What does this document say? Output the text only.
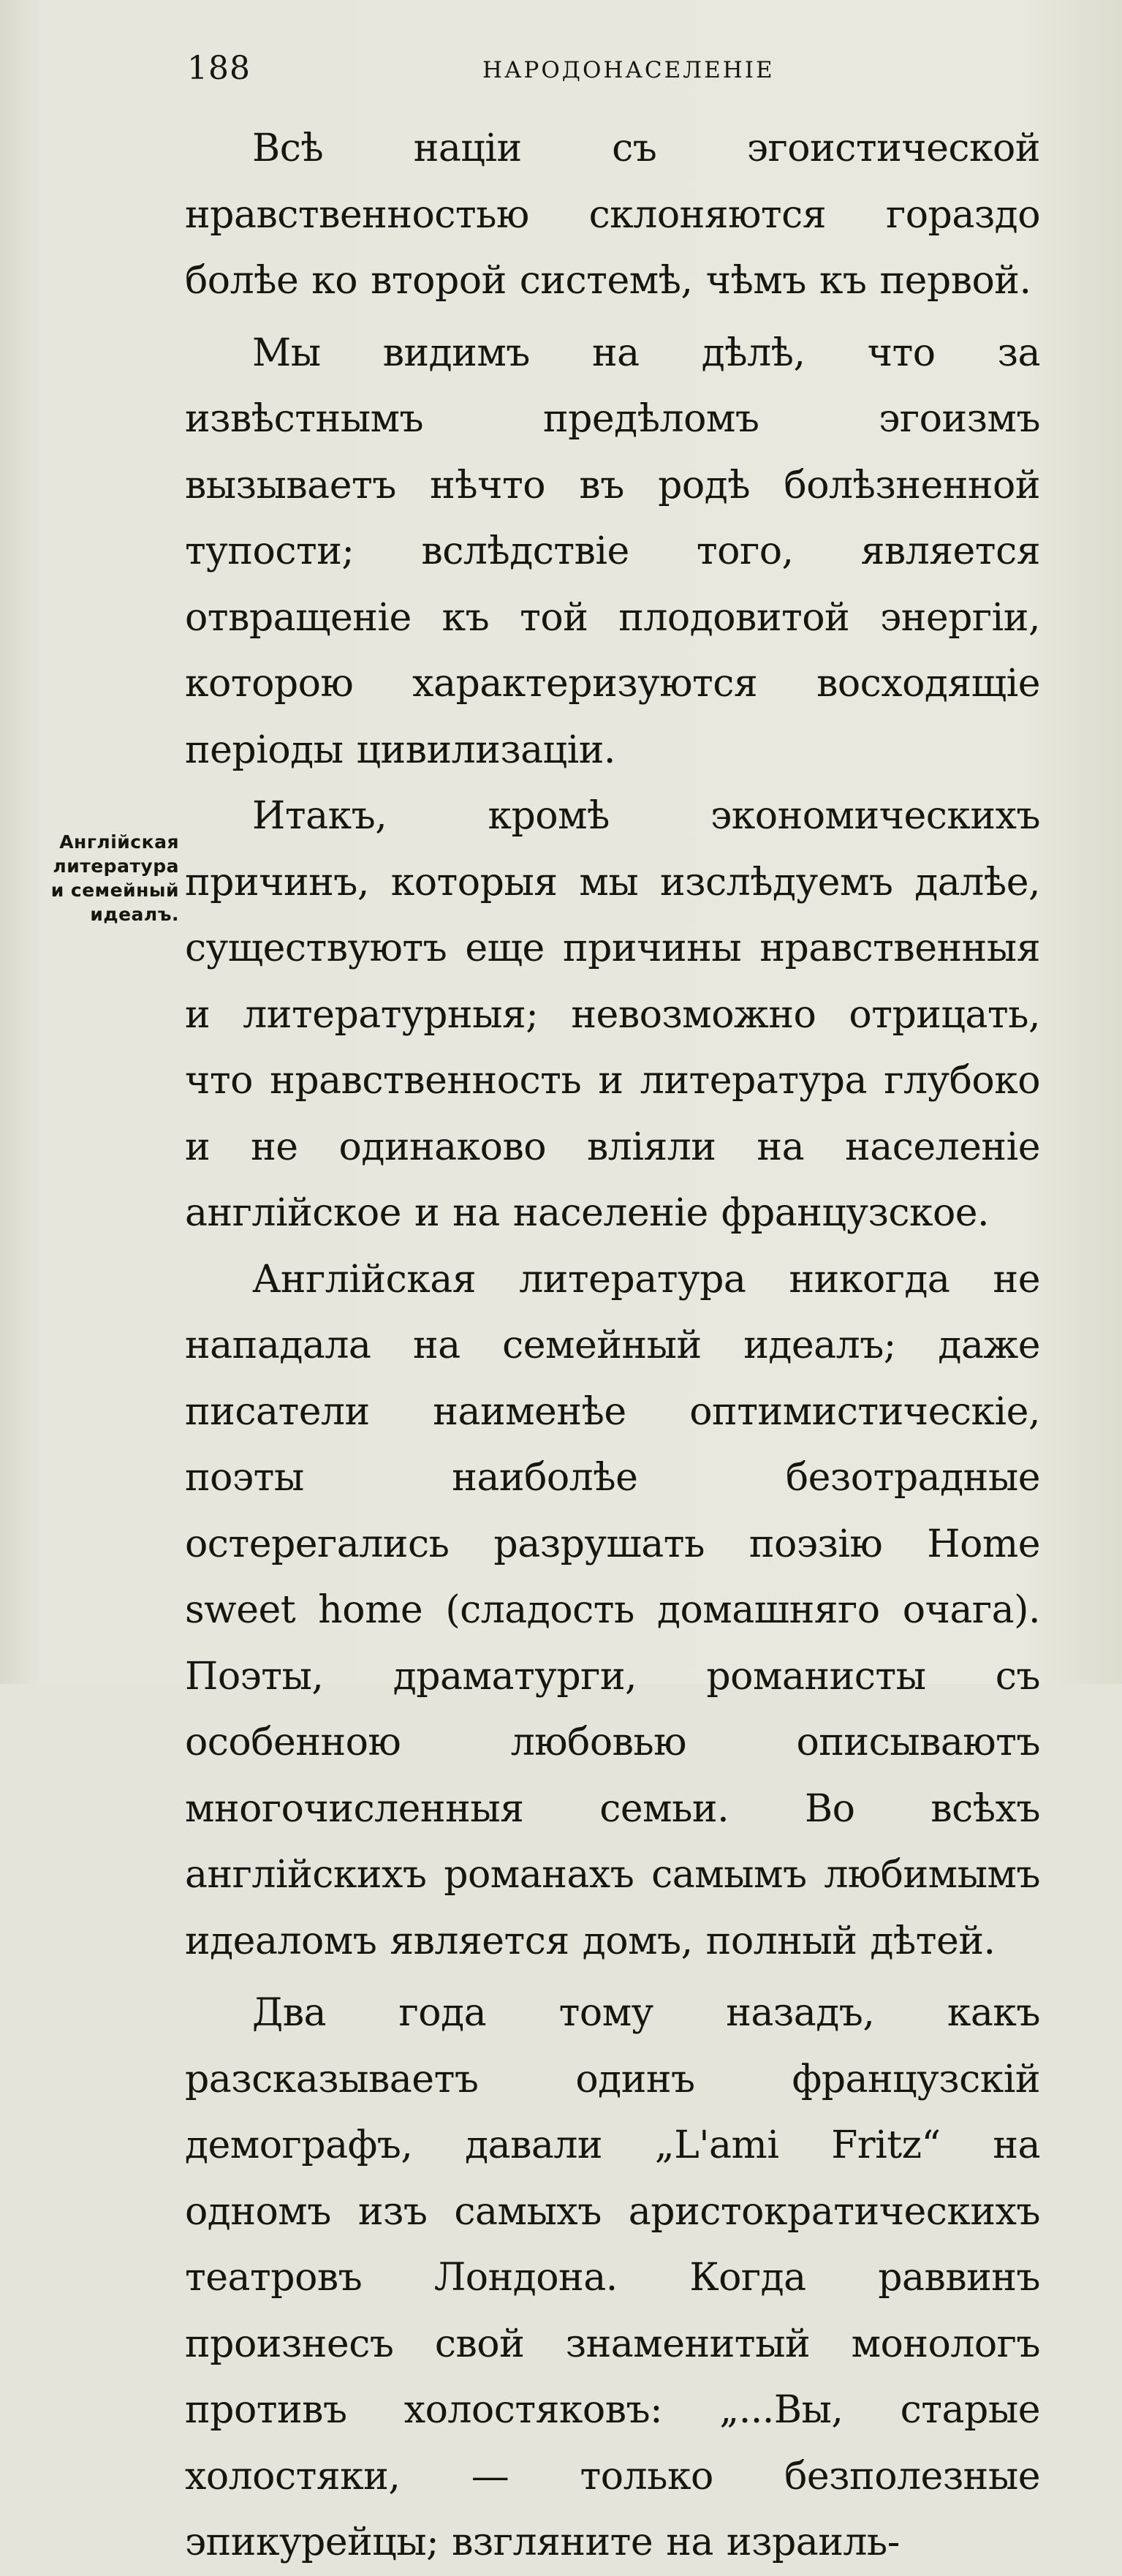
188	НАРОДОНАСЕЛЕНІЕ

Англійская
литература
и семейный
идеалъ.

Всѣ націи съ эгоистической нравственностью склоняются гораздо болѣе ко второй системѣ, чѣмъ къ первой.

Мы видимъ на дѣлѣ, что за извѣстнымъ предѣломъ эгоизмъ вызываетъ нѣчто въ родѣ болѣзненной тупости; вслѣдствіе того, является отвращеніе къ той плодовитой энергіи, которою характеризуются восходящіе періоды цивилизаціи.

Итакъ, кромѣ экономическихъ причинъ, которыя мы изслѣдуемъ далѣе, существуютъ еще причины нравственныя и литературныя; невозможно отрицать, что нравственность и литература глубоко и не одинаково вліяли на населеніе англійское и на населеніе французское.

Англійская литература никогда не нападала на семейный идеалъ; даже писатели наименѣе оптимистическіе, поэты наиболѣе безотрадные остерегались разрушать поэзію Home sweet home (сладость домашняго очага). Поэты, драматурги, романисты съ особенною любовью описываютъ многочисленныя семьи. Во всѣхъ англійскихъ романахъ самымъ любимымъ идеаломъ является домъ, полный дѣтей.

Два года тому назадъ, какъ разсказываетъ одинъ французскій демографъ, давали „L'ami Fritz“ на одномъ изъ самыхъ аристократическихъ театровъ Лондона. Когда раввинъ произнесъ свой знаменитый монологъ противъ холостяковъ: „...Вы, старые холостяки, — только безполезные эпикурейцы; взгляните на израиль-
